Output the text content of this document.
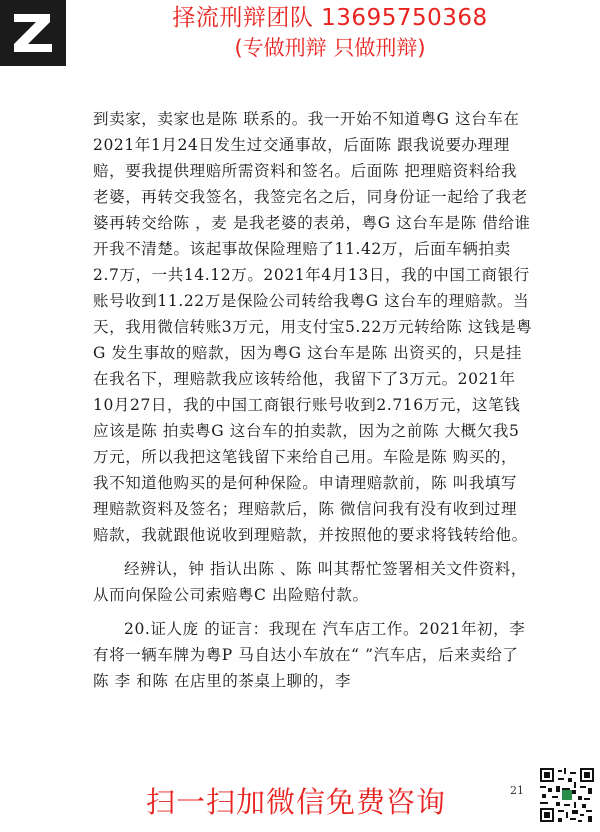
择流刑辩团队 13695750368
(专做刑辩 只做刑辩)

到卖家，卖家也是陈 联系的。我一开始不知道粤G 这台车在2021年1月24日发生过交通事故，后面陈 跟我说要办理理赔，要我提供理赔所需资料和签名。后面陈 把理赔资料给我老婆，再转交我签名，我签完名之后，同身份证一起给了我老婆再转交给陈 ，麦 是我老婆的表弟，粤G 这台车是陈 借给谁开我不清楚。该起事故保险理赔了11.42万，后面车辆拍卖2.7万，一共14.12万。2021年4月13日，我的中国工商银行账号收到11.22万是保险公司转给我粤G 这台车的理赔款。当天，我用微信转账3万元，用支付宝5.22万元转给陈 这钱是粤G 发生事故的赔款，因为粤G 这台车是陈 出资买的，只是挂在我名下，理赔款我应该转给他，我留下了3万元。2021年10月27日，我的中国工商银行账号收到2.716万元，这笔钱应该是陈 拍卖粤G 这台车的拍卖款，因为之前陈 大概欠我5万元，所以我把这笔钱留下来给自己用。车险是陈 购买的，我不知道他购买的是何种保险。申请理赔款前，陈 叫我填写理赔款资料及签名；理赔款后，陈 微信问我有没有收到过理赔款，我就跟他说收到理赔款，并按照他的要求将钱转给他。

经辨认，钟 指认出陈 、陈 叫其帮忙签署相关文件资料，从而向保险公司索赔粤C 出险赔付款。

20.证人庞 的证言：我现在 汽车店工作。2021年初，李 有将一辆车牌为粤P 马自达小车放在“ ”汽车店，后来卖给了陈 李 和陈 在店里的茶桌上聊的，李

扫一扫加微信免费咨询	21
